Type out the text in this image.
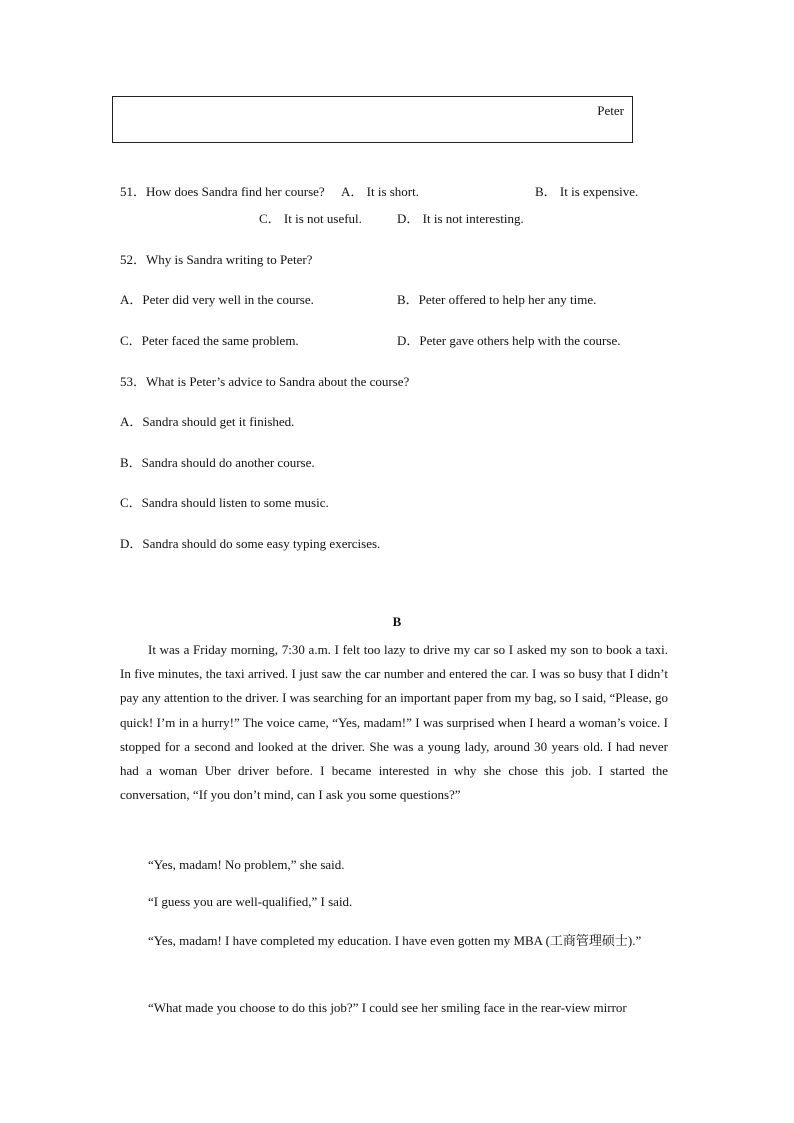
Peter
51．How does Sandra find her course? A． It is short.	B． It is expensive.
C． It is not useful.	D． It is not interesting.
52．Why is Sandra writing to Peter?
A．Peter did very well in the course.	B．Peter offered to help her any time.
C．Peter faced the same problem.	D．Peter gave others help with the course.
53．What is Peter’s advice to Sandra about the course?
A．Sandra should get it finished.
B．Sandra should do another course.
C．Sandra should listen to some music.
D．Sandra should do some easy typing exercises.
B

It was a Friday morning, 7:30 a.m. I felt too lazy to drive my car so I asked my son to book a taxi. In five minutes, the taxi arrived. I just saw the car number and entered the car. I was so busy that I didn’t pay any attention to the driver. I was searching for an important paper from my bag, so I said, “Please, go quick! I’m in a hurry!” The voice came, “Yes, madam!” I was surprised when I heard a woman’s voice. I stopped for a second and looked at the driver. She was a young lady, around 30 years old. I had never had a woman Uber driver before. I became interested in why she chose this job. I started the conversation, “If you don’t mind, can I ask you some questions?”

“Yes, madam! No problem,” she said.

“I guess you are well-qualified,” I said.

“Yes, madam! I have completed my education. I have even gotten my MBA (工商管理硕士).”

“What made you choose to do this job?” I could see her smiling face in the rear-view mirror
